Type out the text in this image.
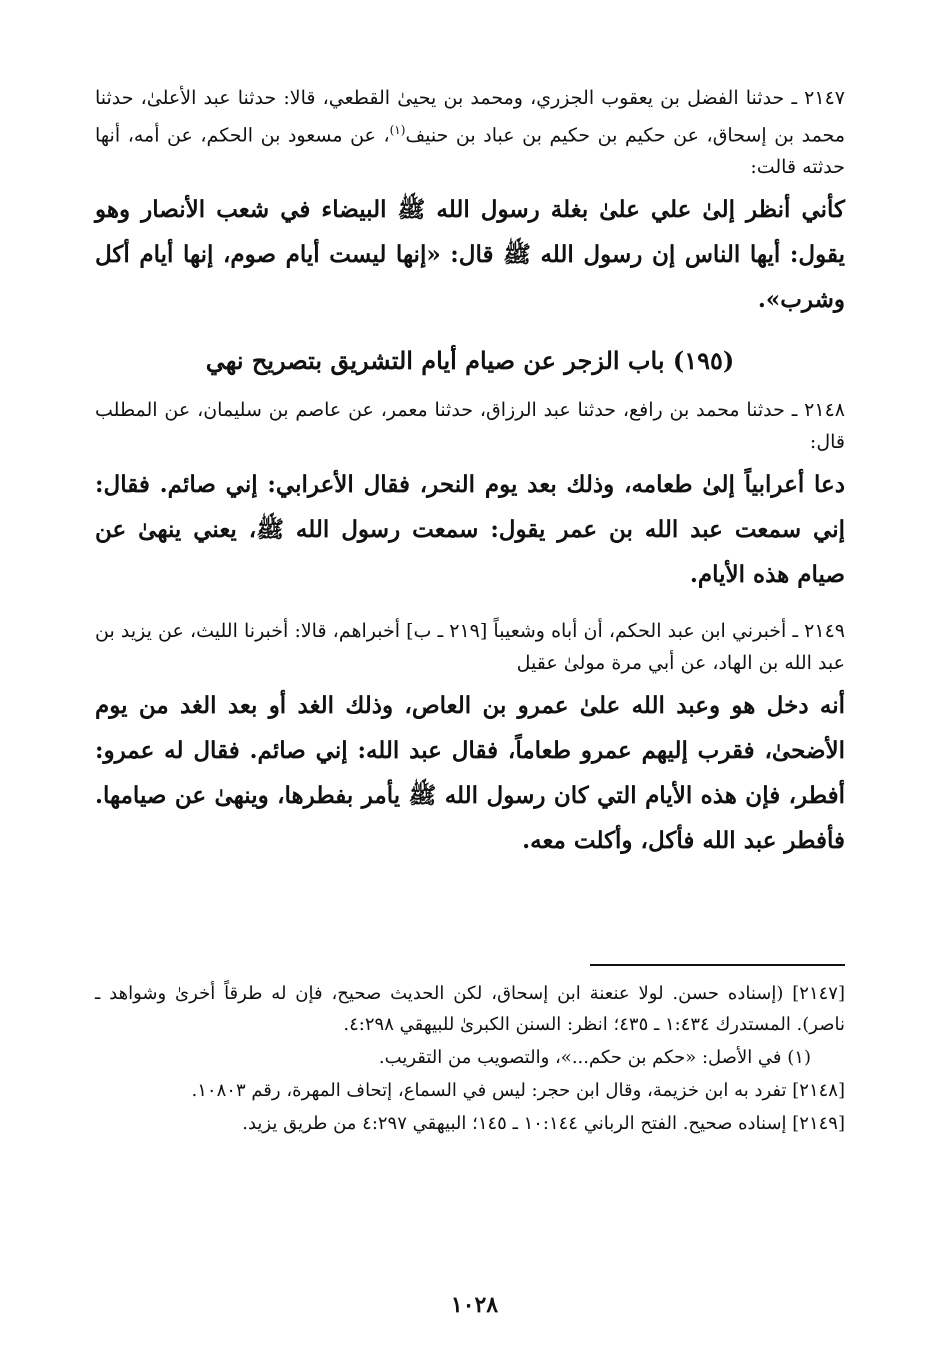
٢١٤٧ ـ حدثنا الفضل بن يعقوب الجزري، ومحمد بن يحيىٰ القطعي، قالا: حدثنا عبد الأعلىٰ، حدثنا محمد بن إسحاق، عن حكيم بن حكيم بن عباد بن حنيف$^{(١)}$، عن مسعود بن الحكم، عن أمه، أنها حدثته قالت:

كأني أنظر إلىٰ علي علىٰ بغلة رسول الله ﷺ البيضاء في شعب الأنصار وهو يقول: أيها الناس إن رسول الله ﷺ قال: «إنها ليست أيام صوم، إنها أيام أكل وشرب».

(١٩٥) باب الزجر عن صيام أيام التشريق بتصريح نهي

٢١٤٨ ـ حدثنا محمد بن رافع، حدثنا عبد الرزاق، حدثنا معمر، عن عاصم بن سليمان، عن المطلب قال:

دعا أعرابياً إلىٰ طعامه، وذلك بعد يوم النحر، فقال الأعرابي: إني صائم. فقال: إني سمعت عبد الله بن عمر يقول: سمعت رسول الله ﷺ، يعني ينهىٰ عن صيام هذه الأيام.

٢١٤٩ ـ أخبرني ابن عبد الحكم، أن أباه وشعيباً [٢١٩ ـ ب] أخبراهم، قالا: أخبرنا الليث، عن يزيد بن عبد الله بن الهاد، عن أبي مرة مولىٰ عقيل

أنه دخل هو وعبد الله علىٰ عمرو بن العاص، وذلك الغد أو بعد الغد من يوم الأضحىٰ، فقرب إليهم عمرو طعاماً، فقال عبد الله: إني صائم. فقال له عمرو: أفطر، فإن هذه الأيام التي كان رسول الله ﷺ يأمر بفطرها، وينهىٰ عن صيامها. فأفطر عبد الله فأكل، وأكلت معه.

[٢١٤٧] (إسناده حسن. لولا عنعنة ابن إسحاق، لكن الحديث صحيح، فإن له طرقاً أخرىٰ وشواهد ـ ناصر). المستدرك ١:٤٣٤ ـ ٤٣٥؛ انظر: السنن الكبرىٰ للبيهقي ٤:٢٩٨.

(١) في الأصل: «حكم بن حكم...»، والتصويب من التقريب.

[٢١٤٨] تفرد به ابن خزيمة، وقال ابن حجر: ليس في السماع، إتحاف المهرة، رقم ١٠٨٠٣.

[٢١٤٩] إسناده صحيح. الفتح الرباني ١٠:١٤٤ ـ ١٤٥؛ البيهقي ٤:٢٩٧ من طريق يزيد.

١٠٢٨
